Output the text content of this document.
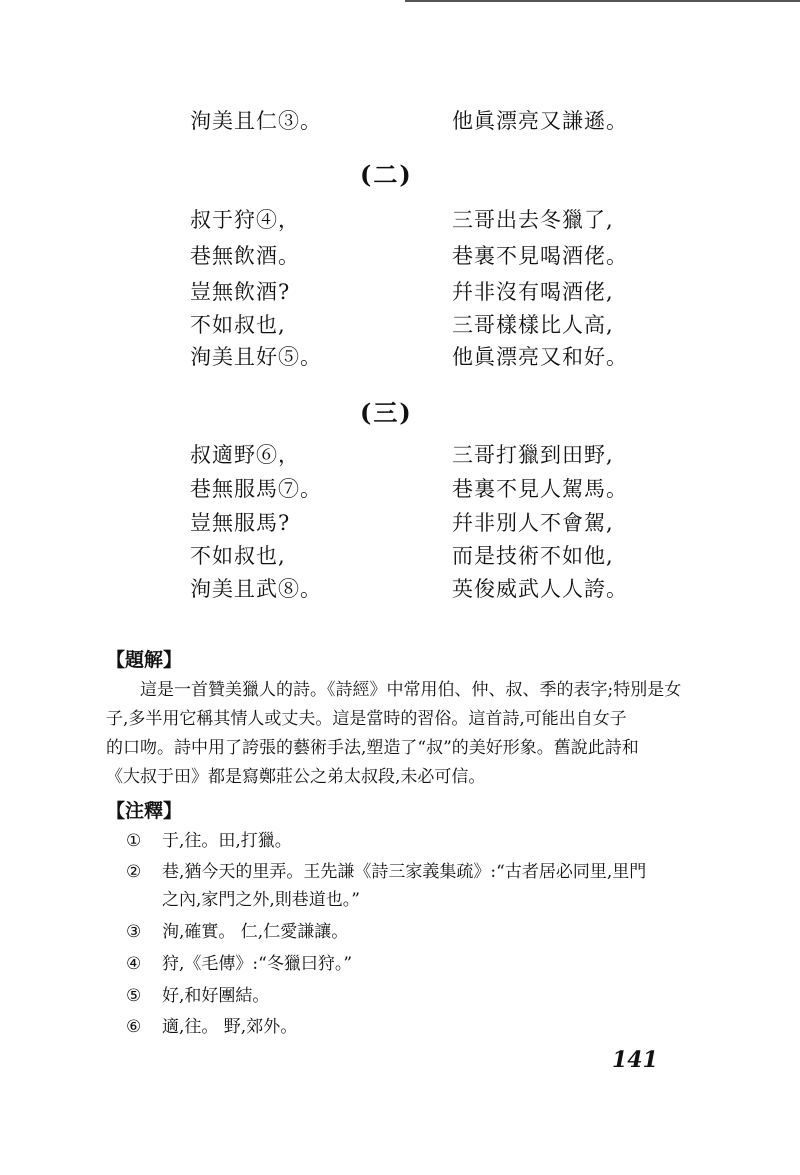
洵美且仁③。	他眞漂亮又謙遜。
(二)
叔于狩④，
巷無飲酒。
豈無飲酒?
不如叔也,
洵美且好⑤。
三哥出去冬獵了,
巷裏不見喝酒佬。
幷非沒有喝酒佬,
三哥樣樣比人高,
他眞漂亮又和好。
(三)
叔適野⑥，
巷無服馬⑦。
豈無服馬?
不如叔也,
洵美且武⑧。
三哥打獵到田野,
巷裏不見人駕馬。
幷非別人不會駕,
而是技術不如他,
英俊威武人人誇。
【題解】
　　這是一首贊美獵人的詩。《詩經》中常用伯、仲、叔、季的表字;特別是女
子,多半用它稱其情人或丈夫。這是當時的習俗。這首詩,可能出自女子
的口吻。詩中用了誇張的藝術手法,塑造了“叔”的美好形象。舊說此詩和
《大叔于田》都是寫鄭莊公之弟太叔段,未必可信。
【注釋】
① 于,往。田,打獵。
② 巷,猶今天的里弄。王先謙《詩三家義集疏》:“古者居必同里,里門
之內,家門之外,則巷道也。”
③ 洵,確實。 仁,仁愛謙讓。
④ 狩,《毛傳》:“冬獵曰狩。”
⑤ 好,和好團結。
⑥ 適,往。 野,郊外。
141
